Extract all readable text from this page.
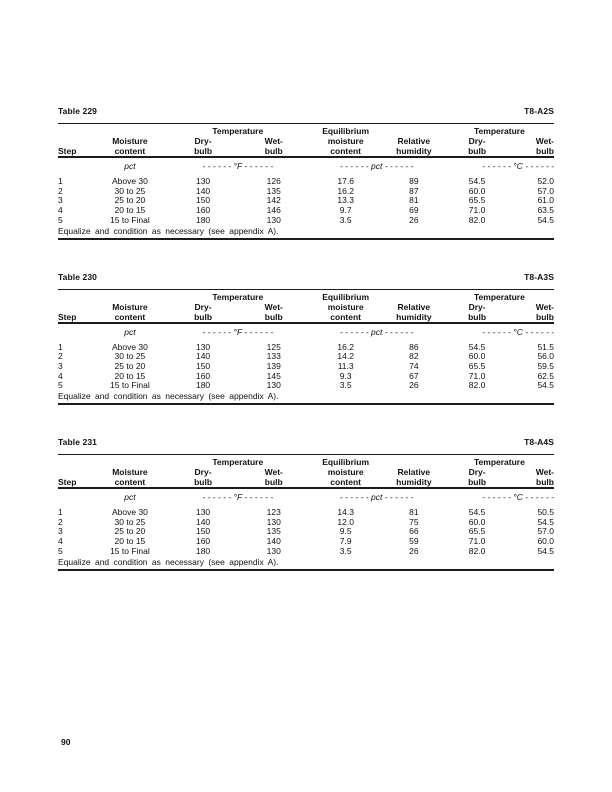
Table 229	T8-A2S
		Temperature		Equilibrium		Temperature	
	Moisture	Dry-	Wet-	moisture	Relative	Dry-	Wet-
Step	content	bulb	bulb	content	humidity	bulb	bulb
	pct	- - - - - - °F - - - - - -		- - - - - - pct - - - - - -		- - - - - - °C - - - - - -	
1	Above 30	130	126	17.6	89	54.5	52.0
2	30 to 25	140	135	16.2	87	60.0	57.0
3	25 to 20	150	142	13.3	81	65.5	61.0
4	20 to 15	160	146	9.7	69	71.0	63.5
5	15 to Final	180	130	3.5	26	82.0	54.5
Equalize and condition as necessary (see appendix A).							
Table 230	T8-A3S
		Temperature		Equilibrium		Temperature	
	Moisture	Dry-	Wet-	moisture	Relative	Dry-	Wet-
Step	content	bulb	bulb	content	humidity	bulb	bulb
	pct	- - - - - - °F - - - - - -		- - - - - - pct - - - - - -		- - - - - - °C - - - - - -	
1	Above 30	130	125	16.2	86	54.5	51.5
2	30 to 25	140	133	14.2	82	60.0	56.0
3	25 to 20	150	139	11.3	74	65.5	59.5
4	20 to 15	160	145	9.3	67	71.0	62.5
5	15 to Final	180	130	3.5	26	82.0	54.5
Equalize and condition as necessary (see appendix A).							
Table 231	T8-A4S
		Temperature		Equilibrium		Temperature	
	Moisture	Dry-	Wet-	moisture	Relative	Dry-	Wet-
Step	content	bulb	bulb	content	humidity	bulb	bulb
	pct	- - - - - - °F - - - - - -		- - - - - - pct - - - - - -		- - - - - - °C - - - - - -	
1	Above 30	130	123	14.3	81	54.5	50.5
2	30 to 25	140	130	12.0	75	60.0	54.5
3	25 to 20	150	135	9.5	66	65.5	57.0
4	20 to 15	160	140	7.9	59	71.0	60.0
5	15 to Final	180	130	3.5	26	82.0	54.5
Equalize and condition as necessary (see appendix A).							
90
